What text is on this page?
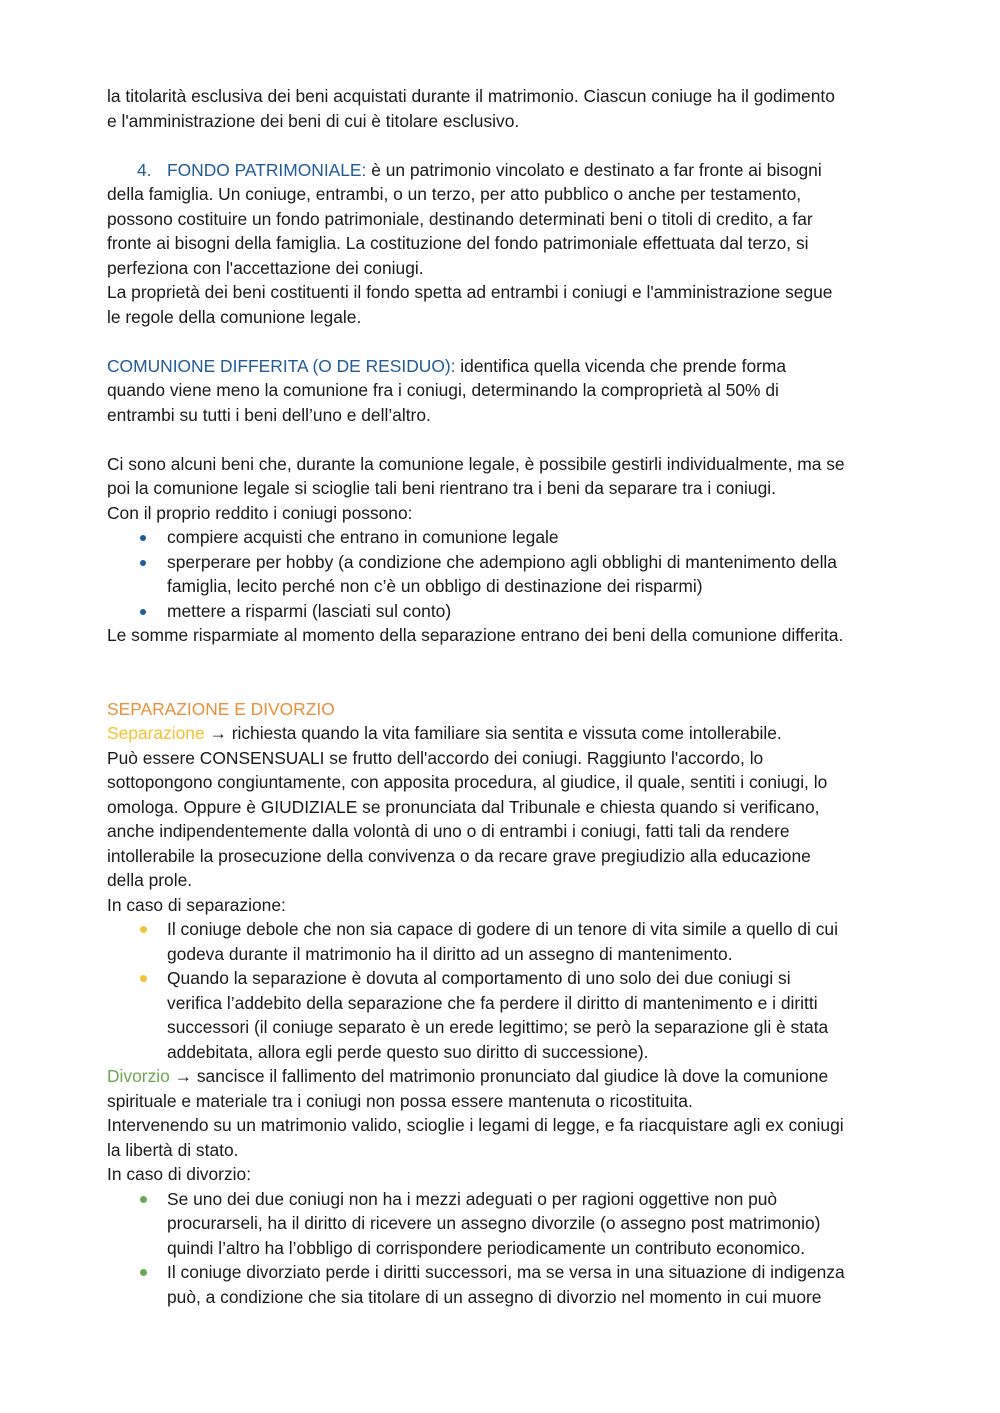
la titolarità esclusiva dei beni acquistati durante il matrimonio. Ciascun coniuge ha il godimento

e l'amministrazione dei beni di cui è titolare esclusivo.

4. FONDO PATRIMONIALE: è un patrimonio vincolato e destinato a far fronte ai bisogni

della famiglia. Un coniuge, entrambi, o un terzo, per atto pubblico o anche per testamento,

possono costituire un fondo patrimoniale, destinando determinati beni o titoli di credito, a far

fronte ai bisogni della famiglia. La costituzione del fondo patrimoniale effettuata dal terzo, si

perfeziona con l'accettazione dei coniugi.

La proprietà dei beni costituenti il fondo spetta ad entrambi i coniugi e l'amministrazione segue

le regole della comunione legale.

COMUNIONE DIFFERITA (O DE RESIDUO): identifica quella vicenda che prende forma

quando viene meno la comunione fra i coniugi, determinando la comproprietà al 50% di

entrambi su tutti i beni dell’uno e dell’altro.

Ci sono alcuni beni che, durante la comunione legale, è possibile gestirli individualmente, ma se

poi la comunione legale si scioglie tali beni rientrano tra i beni da separare tra i coniugi.

Con il proprio reddito i coniugi possono:

compiere acquisti che entrano in comunione legale
sperperare per hobby (a condizione che adempiono agli obblighi di mantenimento della
famiglia, lecito perché non c’è un obbligo di destinazione dei risparmi)
mettere a risparmi (lasciati sul conto)

Le somme risparmiate al momento della separazione entrano dei beni della comunione differita.

SEPARAZIONE E DIVORZIO

Separazione → richiesta quando la vita familiare sia sentita e vissuta come intollerabile.

Può essere CONSENSUALI se frutto dell'accordo dei coniugi. Raggiunto l'accordo, lo

sottopongono congiuntamente, con apposita procedura, al giudice, il quale, sentiti i coniugi, lo

omologa. Oppure è GIUDIZIALE se pronunciata dal Tribunale e chiesta quando si verificano,

anche indipendentemente dalla volontà di uno o di entrambi i coniugi, fatti tali da rendere

intollerabile la prosecuzione della convivenza o da recare grave pregiudizio alla educazione

della prole.

In caso di separazione:

Il coniuge debole che non sia capace di godere di un tenore di vita simile a quello di cui
godeva durante il matrimonio ha il diritto ad un assegno di mantenimento.
Quando la separazione è dovuta al comportamento di uno solo dei due coniugi si
verifica l’addebito della separazione che fa perdere il diritto di mantenimento e i diritti
successori (il coniuge separato è un erede legittimo; se però la separazione gli è stata
addebitata, allora egli perde questo suo diritto di successione).

Divorzio → sancisce il fallimento del matrimonio pronunciato dal giudice là dove la comunione

spirituale e materiale tra i coniugi non possa essere mantenuta o ricostituita.

Intervenendo su un matrimonio valido, scioglie i legami di legge, e fa riacquistare agli ex coniugi

la libertà di stato.

In caso di divorzio:

Se uno dei due coniugi non ha i mezzi adeguati o per ragioni oggettive non può
procurarseli, ha il diritto di ricevere un assegno divorzile (o assegno post matrimonio)
quindi l’altro ha l’obbligo di corrispondere periodicamente un contributo economico.
Il coniuge divorziato perde i diritti successori, ma se versa in una situazione di indigenza
può, a condizione che sia titolare di un assegno di divorzio nel momento in cui muore
